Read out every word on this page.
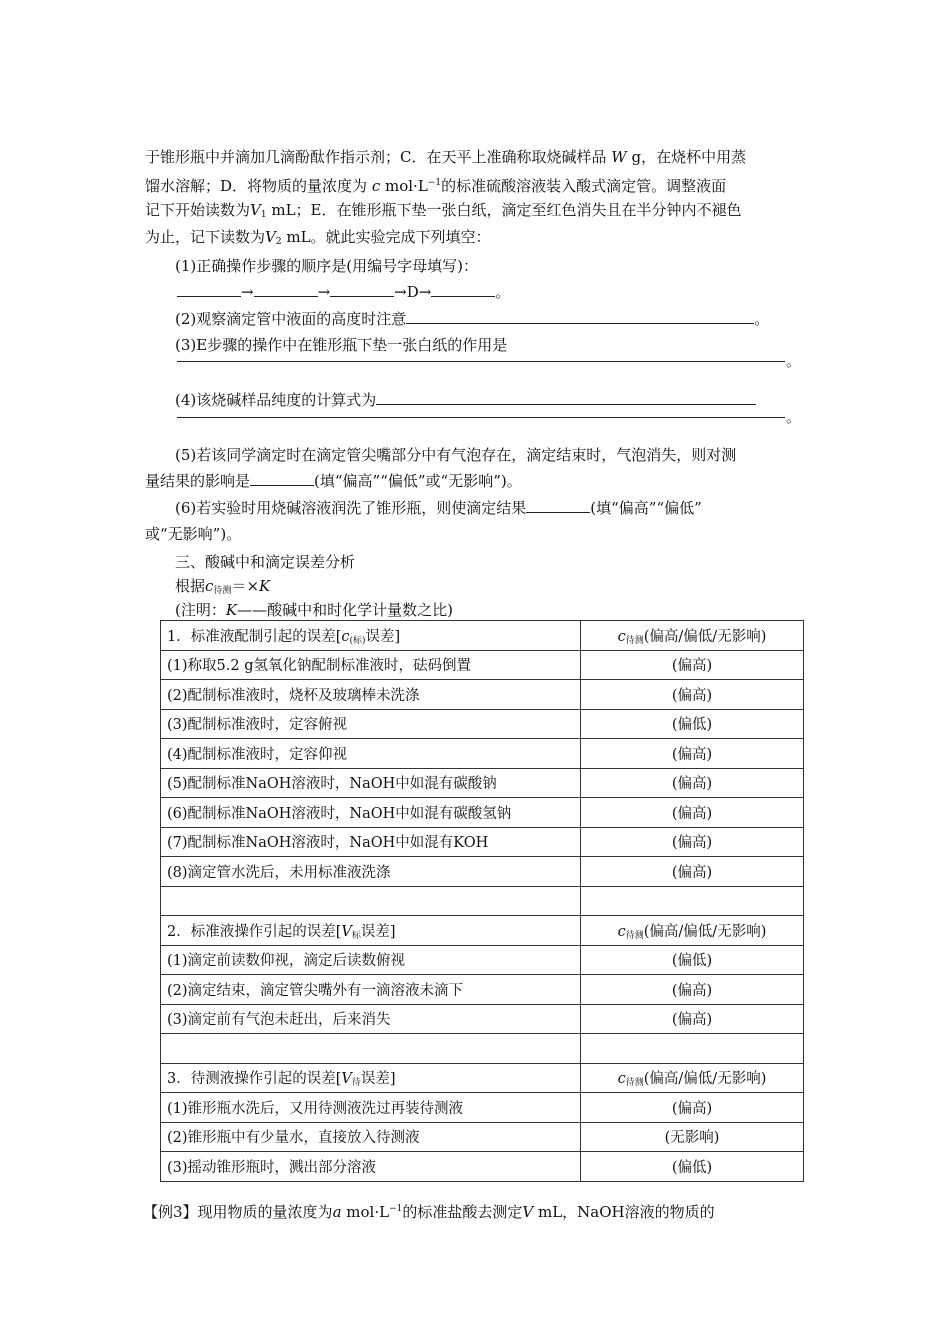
于锥形瓶中并滴加几滴酚酞作指示剂；C．在天平上准确称取烧碱样品 W g，在烧杯中用蒸
馏水溶解；D．将物质的量浓度为 c $mol\cdot L^{-1}$的标准硫酸溶液装入酸式滴定管。调整液面
记下开始读数为$V_1$ mL；E．在锥形瓶下垫一张白纸，滴定至红色消失且在半分钟内不褪色
为止，记下读数为$V_2$ mL。就此实验完成下列填空：
(1)正确操作步骤的顺序是(用编号字母填写)：
→	→	→D→	。
(2)观察滴定管中液面的高度时注意	。
(3)E步骤的操作中在锥形瓶下垫一张白纸的作用是
。
(4)该烧碱样品纯度的计算式为
。
(5)若该同学滴定时在滴定管尖嘴部分中有气泡存在，滴定结束时，气泡消失，则对测
量结果的影响是	(填“偏高”“偏低”或“无影响”)。
(6)若实验时用烧碱溶液润洗了锥形瓶，则使滴定结果	(填“偏高”“偏低”
或“无影响”)。
三、酸碱中和滴定误差分析
根据$c_{待测}=\times K$
(注明：K——酸碱中和时化学计量数之比)
1．标准液配制引起的误差[$c_{(标)}$误差]	$c_{待测}$(偏高/偏低/无影响)
(1)称取5.2 g氢氧化钠配制标准液时，砝码倒置	(偏高)
(2)配制标准液时，烧杯及玻璃棒未洗涤	(偏高)
(3)配制标准液时，定容俯视	(偏低)
(4)配制标准液时，定容仰视	(偏高)
(5)配制标准NaOH溶液时，NaOH中如混有碳酸钠	(偏高)
(6)配制标准NaOH溶液时，NaOH中如混有碳酸氢钠	(偏高)
(7)配制标准NaOH溶液时，NaOH中如混有KOH	(偏高)
(8)滴定管水洗后，未用标准液洗涤	(偏高)

2．标准液操作引起的误差[$V_标$误差]	$c_{待测}$(偏高/偏低/无影响)
(1)滴定前读数仰视，滴定后读数俯视	(偏低)
(2)滴定结束，滴定管尖嘴外有一滴溶液未滴下	(偏高)
(3)滴定前有气泡未赶出，后来消失	(偏高)

3．待测液操作引起的误差[$V_待$误差]	$c_{待测}$(偏高/偏低/无影响)
(1)锥形瓶水洗后，又用待测液洗过再装待测液	(偏高)
(2)锥形瓶中有少量水，直接放入待测液	(无影响)
(3)摇动锥形瓶时，溅出部分溶液	(偏低)
【例3】现用物质的量浓度为a $mol\cdot L^{-1}$的标准盐酸去测定V mL，NaOH溶液的物质的
